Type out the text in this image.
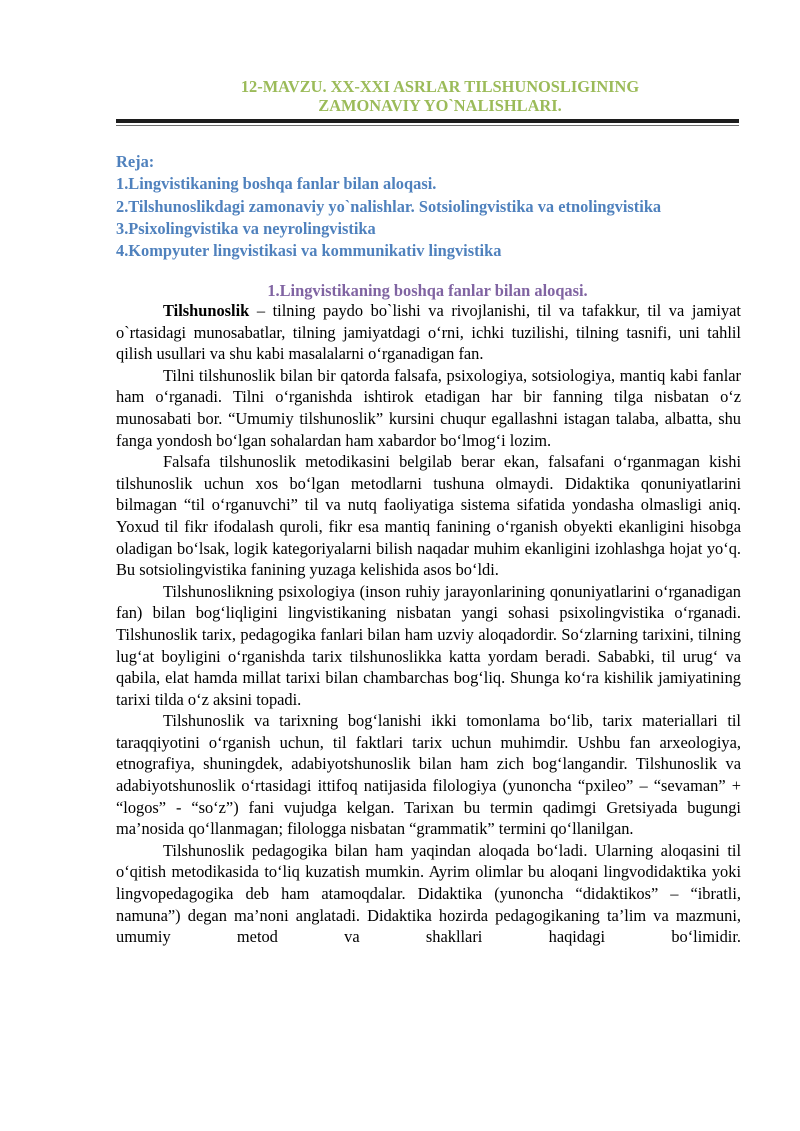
12-MAVZU. XX-XXI ASRLAR TILSHUNOSLIGINING
ZAMONAVIY YO`NALISHLARI.
Reja:
1.Lingvistikaning boshqa fanlar bilan aloqasi.
2.Tilshunoslikdagi zamonaviy yo`nalishlar. Sotsiolingvistika va etnolingvistika
3.Psixolingvistika va neyrolingvistika
4.Kompyuter lingvistikasi va kommunikativ lingvistika
1.Lingvistikaning boshqa fanlar bilan aloqasi.

Tilshunoslik – tilning paydo bo`lishi va rivojlanishi, til va tafakkur, til va jamiyat o`rtasidagi munosabatlar, tilning jamiyatdagi o‘rni, ichki tuzilishi, tilning tasnifi, uni tahlil qilish usullari va shu kabi masalalarni o‘rganadigan fan.

Tilni tilshunoslik bilan bir qatorda falsafa, psixologiya, sotsiologiya, mantiq kabi fanlar ham o‘rganadi. Tilni o‘rganishda ishtirok etadigan har bir fanning tilga nisbatan o‘z munosabati bor. “Umumiy tilshunoslik” kursini chuqur egallashni istagan talaba, albatta, shu fanga yondosh bo‘lgan sohalardan ham xabardor bo‘lmog‘i lozim.

Falsafa tilshunoslik metodikasini belgilab berar ekan, falsafani o‘rganmagan kishi tilshunoslik uchun xos bo‘lgan metodlarni tushuna olmaydi. Didaktika qonuniyatlarini bilmagan “til o‘rganuvchi” til va nutq faoliyatiga sistema sifatida yondasha olmasligi aniq. Yoxud til fikr ifodalash quroli, fikr esa mantiq fanining o‘rganish obyekti ekanligini hisobga oladigan bo‘lsak, logik kategoriyalarni bilish naqadar muhim ekanligini izohlashga hojat yo‘q. Bu sotsiolingvistika fanining yuzaga kelishida asos bo‘ldi.

Tilshunoslikning psixologiya (inson ruhiy jarayonlarining qonuniyatlarini o‘rganadigan fan) bilan bog‘liqligini lingvistikaning nisbatan yangi sohasi psixolingvistika o‘rganadi. Tilshunoslik tarix, pedagogika fanlari bilan ham uzviy aloqadordir. So‘zlarning tarixini, tilning lug‘at boyligini o‘rganishda tarix tilshunoslikka katta yordam beradi. Sababki, til urug‘ va qabila, elat hamda millat tarixi bilan chambarchas bog‘liq. Shunga ko‘ra kishilik jamiyatining tarixi tilda o‘z aksini topadi.

Tilshunoslik va tarixning bog‘lanishi ikki tomonlama bo‘lib, tarix materiallari til taraqqiyotini o‘rganish uchun, til faktlari tarix uchun muhimdir. Ushbu fan arxeologiya, etnografiya, shuningdek, adabiyotshunoslik bilan ham zich bog‘langandir. Tilshunoslik va adabiyotshunoslik o‘rtasidagi ittifoq natijasida filologiya (yunoncha “pxileo” – “sevaman” + “logos” - “so‘z”) fani vujudga kelgan. Tarixan bu termin qadimgi Gretsiyada bugungi ma’nosida qo‘llanmagan; filologga nisbatan “grammatik” termini qo‘llanilgan.

Tilshunoslik pedagogika bilan ham yaqindan aloqada bo‘ladi. Ularning aloqasini til o‘qitish metodikasida to‘liq kuzatish mumkin. Ayrim olimlar bu aloqani lingvodidaktika yoki lingvopedagogika deb ham atamoqdalar. Didaktika (yunoncha “didaktikos” – “ibratli, namuna”) degan ma’noni anglatadi. Didaktika hozirda pedagogikaning ta’lim va mazmuni, umumiy metod va shakllari haqidagi bo‘limidir.
